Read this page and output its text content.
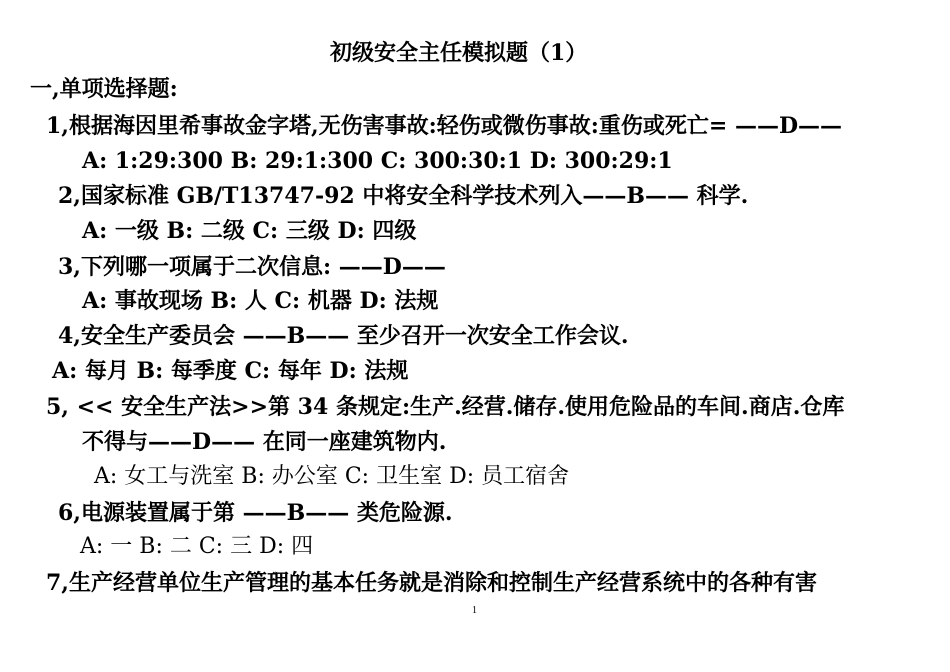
初级安全主任模拟题（1）
一,单项选择题:
1,根据海因里希事故金字塔,无伤害事故:轻伤或微伤事故:重伤或死亡= ——D——
A: 1:29:300 B: 29:1:300 C: 300:30:1 D: 300:29:1
2,国家标准 GB/T13747-92 中将安全科学技术列入——B—— 科学.
A: 一级 B: 二级 C: 三级 D: 四级
3,下列哪一项属于二次信息: ——D——
A: 事故现场 B: 人 C: 机器 D: 法规
4,安全生产委员会 ——B—— 至少召开一次安全工作会议.
A: 每月 B: 每季度 C: 每年 D: 法规
5, << 安全生产法>>第 34 条规定:生产.经营.储存.使用危险品的车间.商店.仓库
不得与——D—— 在同一座建筑物内.
A: 女工与洗室 B: 办公室 C: 卫生室 D: 员工宿舍
6,电源装置属于第 ——B—— 类危险源.
A: 一 B: 二 C: 三 D: 四
7,生产经营单位生产管理的基本任务就是消除和控制生产经营系统中的各种有害
1
